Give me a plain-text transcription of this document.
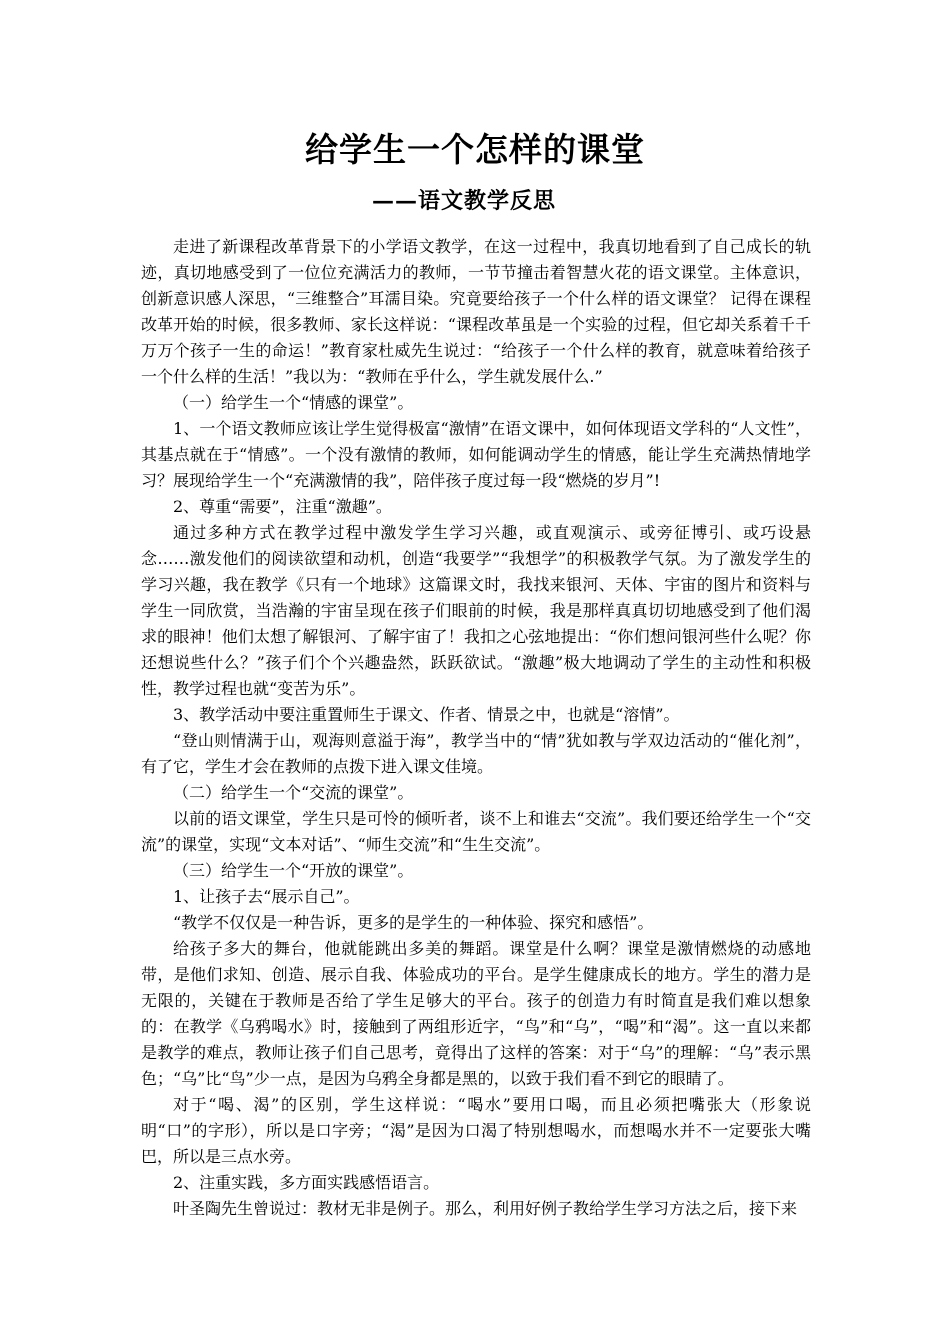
给学生一个怎样的课堂
——语文教学反思

走进了新课程改革背景下的小学语文教学，在这一过程中，我真切地看到了自己成长的轨迹，真切地感受到了一位位充满活力的教师，一节节撞击着智慧火花的语文课堂。主体意识，创新意识感人深思，“三维整合”耳濡目染。究竟要给孩子一个什么样的语文课堂？ 记得在课程改革开始的时候，很多教师、家长这样说：“课程改革虽是一个实验的过程，但它却关系着千千万万个孩子一生的命运！”教育家杜威先生说过：“给孩子一个什么样的教育，就意味着给孩子一个什么样的生活！”我以为：“教师在乎什么，学生就发展什么.”

（一）给学生一个“情感的课堂”。

1、一个语文教师应该让学生觉得极富“激情”在语文课中，如何体现语文学科的“人文性”，其基点就在于“情感”。一个没有激情的教师，如何能调动学生的情感，能让学生充满热情地学习？展现给学生一个“充满激情的我”，陪伴孩子度过每一段“燃烧的岁月”!

2、尊重“需要”，注重“激趣”。

通过多种方式在教学过程中激发学生学习兴趣，或直观演示、或旁征博引、或巧设悬念……激发他们的阅读欲望和动机，创造“我要学”“我想学”的积极教学气氛。为了激发学生的学习兴趣，我在教学《只有一个地球》这篇课文时，我找来银河、天体、宇宙的图片和资料与学生一同欣赏，当浩瀚的宇宙呈现在孩子们眼前的时候，我是那样真真切切地感受到了他们渴求的眼神！他们太想了解银河、了解宇宙了！我扣之心弦地提出：“你们想问银河些什么呢？你还想说些什么？”孩子们个个兴趣盎然，跃跃欲试。“激趣”极大地调动了学生的主动性和积极性，教学过程也就“变苦为乐”。

3、教学活动中要注重置师生于课文、作者、情景之中，也就是“溶情”。

“登山则情满于山，观海则意溢于海”，教学当中的“情”犹如教与学双边活动的“催化剂”，有了它，学生才会在教师的点拨下进入课文佳境。

（二）给学生一个“交流的课堂”。

以前的语文课堂，学生只是可怜的倾听者，谈不上和谁去“交流”。我们要还给学生一个“交流”的课堂，实现“文本对话”、“师生交流”和“生生交流”。

（三）给学生一个“开放的课堂”。

1、让孩子去“展示自己”。

“教学不仅仅是一种告诉，更多的是学生的一种体验、探究和感悟”。

给孩子多大的舞台，他就能跳出多美的舞蹈。课堂是什么啊？课堂是激情燃烧的动感地带，是他们求知、创造、展示自我、体验成功的平台。是学生健康成长的地方。学生的潜力是无限的，关键在于教师是否给了学生足够大的平台。孩子的创造力有时简直是我们难以想象的：在教学《乌鸦喝水》时，接触到了两组形近字，“鸟”和“乌”，“喝”和“渴”。这一直以来都是教学的难点，教师让孩子们自己思考，竟得出了这样的答案：对于“乌”的理解：“乌”表示黑色；“乌”比“鸟”少一点，是因为乌鸦全身都是黑的，以致于我们看不到它的眼睛了。

对于“喝、渴”的区别，学生这样说：“喝水”要用口喝，而且必须把嘴张大（形象说明“口”的字形），所以是口字旁；“渴”是因为口渴了特别想喝水，而想喝水并不一定要张大嘴巴，所以是三点水旁。

2、注重实践，多方面实践感悟语言。

叶圣陶先生曾说过：教材无非是例子。那么，利用好例子教给学生学习方法之后，接下来
